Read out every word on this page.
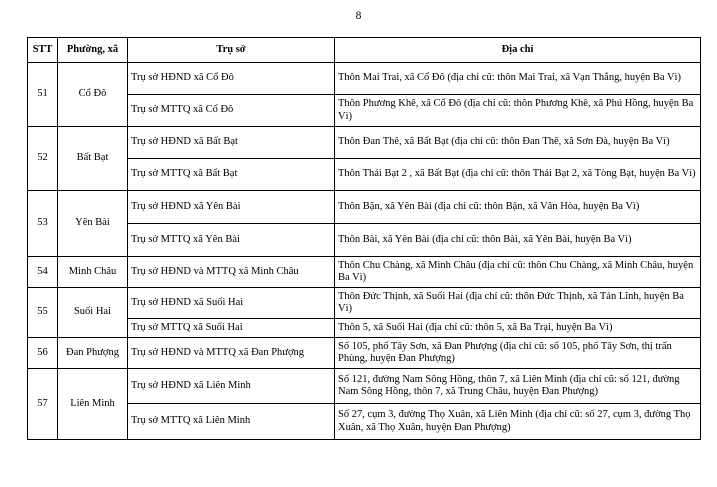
8
STT	Phường, xã	Trụ sở	Địa chỉ
51	Cổ Đô	Trụ sở HĐND xã Cổ Đô	Thôn Mai Trai, xã Cổ Đô (địa chỉ cũ: thôn Mai Trai, xã Vạn Thắng, huyện Ba Vì)
		Trụ sở MTTQ xã Cổ Đô	Thôn Phương Khê, xã Cổ Đô (địa chỉ cũ: thôn Phương Khê, xã Phú Hồng, huyện Ba Vì)
52	Bất Bạt	Trụ sở HĐND xã Bất Bạt	Thôn Đan Thê, xã Bất Bạt (địa chỉ cũ: thôn Đan Thê, xã Sơn Đà, huyện Ba Vì)
		Trụ sở MTTQ xã Bất Bạt	Thôn Thái Bạt 2 , xã Bất Bạt (địa chỉ cũ: thôn Thái Bạt 2, xã Tòng Bạt, huyện Ba Vì)
53	Yên Bài	Trụ sở HĐND xã Yên Bài	Thôn Bặn, xã Yên Bài (địa chỉ cũ: thôn Bặn, xã Vân Hòa, huyện Ba Vì)
		Trụ sở MTTQ xã Yên Bài	Thôn Bài, xã Yên Bài (địa chỉ cũ: thôn Bài, xã Yên Bài, huyện Ba Vì)
54	Minh Châu	Trụ sở HĐND và MTTQ xã Minh Châu	Thôn Chu Chàng, xã Minh Châu (địa chỉ cũ: thôn Chu Chàng, xã Minh Châu, huyện Ba Vì)
55	Suối Hai	Trụ sở HĐND xã Suối Hai	Thôn Đức Thịnh, xã Suối Hai (địa chỉ cũ: thôn Đức Thịnh, xã Tản Lĩnh, huyện Ba Vì)
		Trụ sở MTTQ xã Suối Hai	Thôn 5, xã Suối Hai (địa chỉ cũ: thôn 5, xã Ba Trại, huyện Ba Vì)
56	Đan Phượng	Trụ sở HĐND và MTTQ xã Đan Phượng	Số 105, phố Tây Sơn, xã Đan Phượng (địa chỉ cũ: số 105, phố Tây Sơn, thị trấn Phùng, huyện Đan Phượng)
57	Liên Minh	Trụ sở HĐND xã Liên Minh	Số 121, đường Nam Sông Hồng, thôn 7, xã Liên Minh (địa chỉ cũ: số 121, đường Nam Sông Hồng, thôn 7, xã Trung Châu, huyện Đan Phượng)
		Trụ sở MTTQ xã Liên Minh	Số 27, cụm 3, đường Thọ Xuân, xã Liên Minh (địa chỉ cũ: số 27, cụm 3, đường Thọ Xuân, xã Thọ Xuân, huyện Đan Phượng)
